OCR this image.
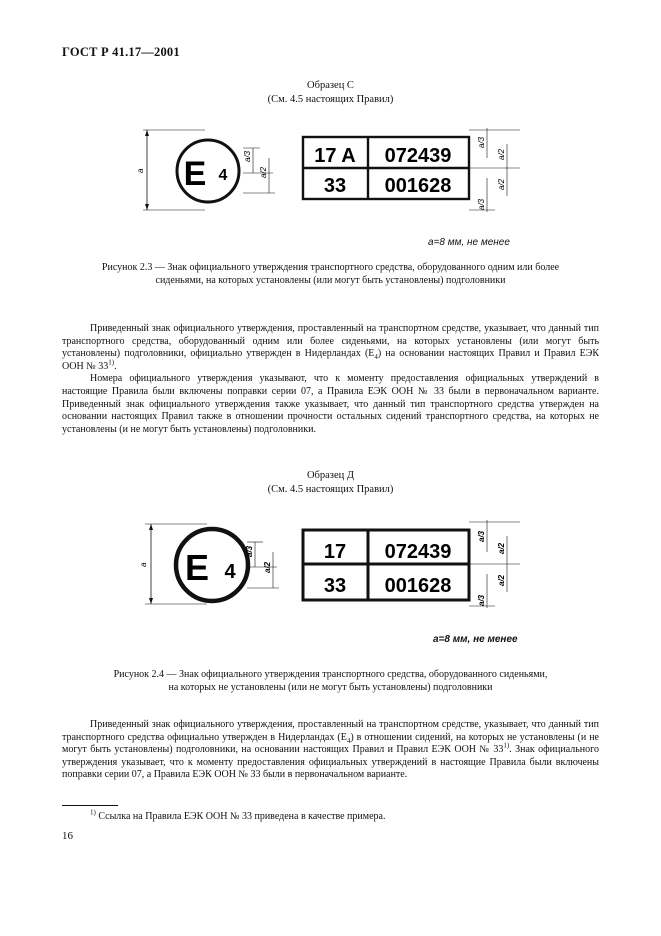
ГОСТ Р 41.17—2001
Образец С
(См. 4.5 настоящих Правил)
a E 4
a/3
a/2
17 A 072439
33 001628
a/3
a/2
a/2
a/3
a=8 мм, не менее
Рисунок 2.3 — Знак официального утверждения транспортного средства, оборудованного одним или более
сиденьями, на которых установлены (или могут быть установлены) подголовники

Приведенный знак официального утверждения, проставленный на транспортном средстве, указывает, что данный тип транспортного средства, оборудованный одним или более сиденьями, на которых установлены (или могут быть установлены) подголовники, официально утвержден в Нидерландах $(E_4)$ на основании настоящих Правил и Правил ЕЭК ООН № 33$^{1)}$.

Номера официального утверждения указывают, что к моменту предоставления официальных утверждений в настоящие Правила были включены поправки серии 07, а Правила ЕЭК ООН № 33 были в первоначальном варианте. Приведенный знак официального утверждения также указывает, что данный тип транспортного средства утвержден на основании настоящих Правил также в отношении прочности остальных сидений транспортного средства, на которых не установлены (и не могут быть установлены) подголовники.

Образец Д
(См. 4.5 настоящих Правил)
a E 4
a/3
a/2
17 072439
33 001628
a/3
a/2
a/2
a/3
a=8 мм, не менее
Рисунок 2.4 — Знак официального утверждения транспортного средства, оборудованного сиденьями,
на которых не установлены (или не могут быть установлены) подголовники

Приведенный знак официального утверждения, проставленный на транспортном средстве, указывает, что данный тип транспортного средства официально утвержден в Нидерландах $(E_4)$ в отношении сидений, на которых не установлены (и не могут быть установлены) подголовники, на основании настоящих Правил и Правил ЕЭК ООН № 33$^{1)}$. Знак официального утверждения указывает, что к моменту предоставления официальных утверждений в настоящие Правила были включены поправки серии 07, а Правила ЕЭК ООН № 33 были в первоначальном варианте.

$^{1)}$ Ссылка на Правила ЕЭК ООН № 33 приведена в качестве примера.
16
